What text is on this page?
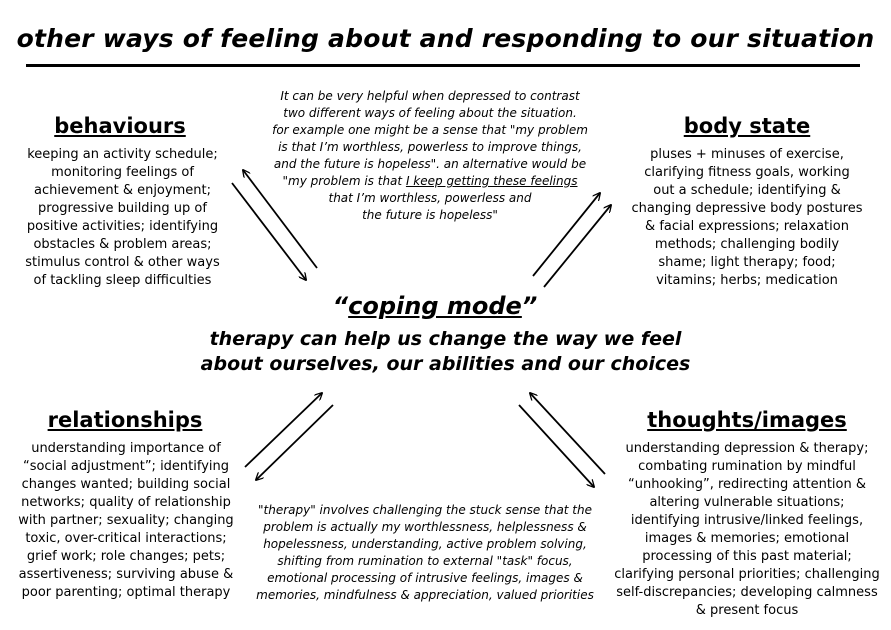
other ways of feeling about and responding to our situation
behaviours
keeping an activity schedule;
monitoring feelings of
achievement & enjoyment;
progressive building up of
positive activities; identifying
obstacles & problem areas;
stimulus control & other ways
of tackling sleep difficulties
body state
pluses + minuses of exercise,
clarifying fitness goals, working
out a schedule; identifying &
changing depressive body postures
& facial expressions; relaxation
methods; challenging bodily
shame; light therapy; food;
vitamins; herbs; medication
It can be very helpful when depressed to contrast
two different ways of feeling about the situation.
for example one might be a sense that "my problem
is that I’m worthless, powerless to improve things,
and the future is hopeless". an alternative would be
"my problem is that I keep getting these feelings
that I’m worthless, powerless and
the future is hopeless"
“coping mode”
therapy can help us change the way we feel
about ourselves, our abilities and our choices
relationships
understanding importance of
“social adjustment”; identifying
changes wanted; building social
networks; quality of relationship
with partner; sexuality; changing
toxic, over-critical interactions;
grief work; role changes; pets;
assertiveness; surviving abuse &
poor parenting; optimal therapy
thoughts/images
understanding depression & therapy;
combating rumination by mindful
“unhooking”, redirecting attention &
altering vulnerable situations;
identifying intrusive/linked feelings,
images & memories; emotional
processing of this past material;
clarifying personal priorities; challenging
self-discrepancies; developing calmness
& present focus
"therapy" involves challenging the stuck sense that the
problem is actually my worthlessness, helplessness &
hopelessness, understanding, active problem solving,
shifting from rumination to external "task" focus,
emotional processing of intrusive feelings, images &
memories, mindfulness & appreciation, valued priorities
